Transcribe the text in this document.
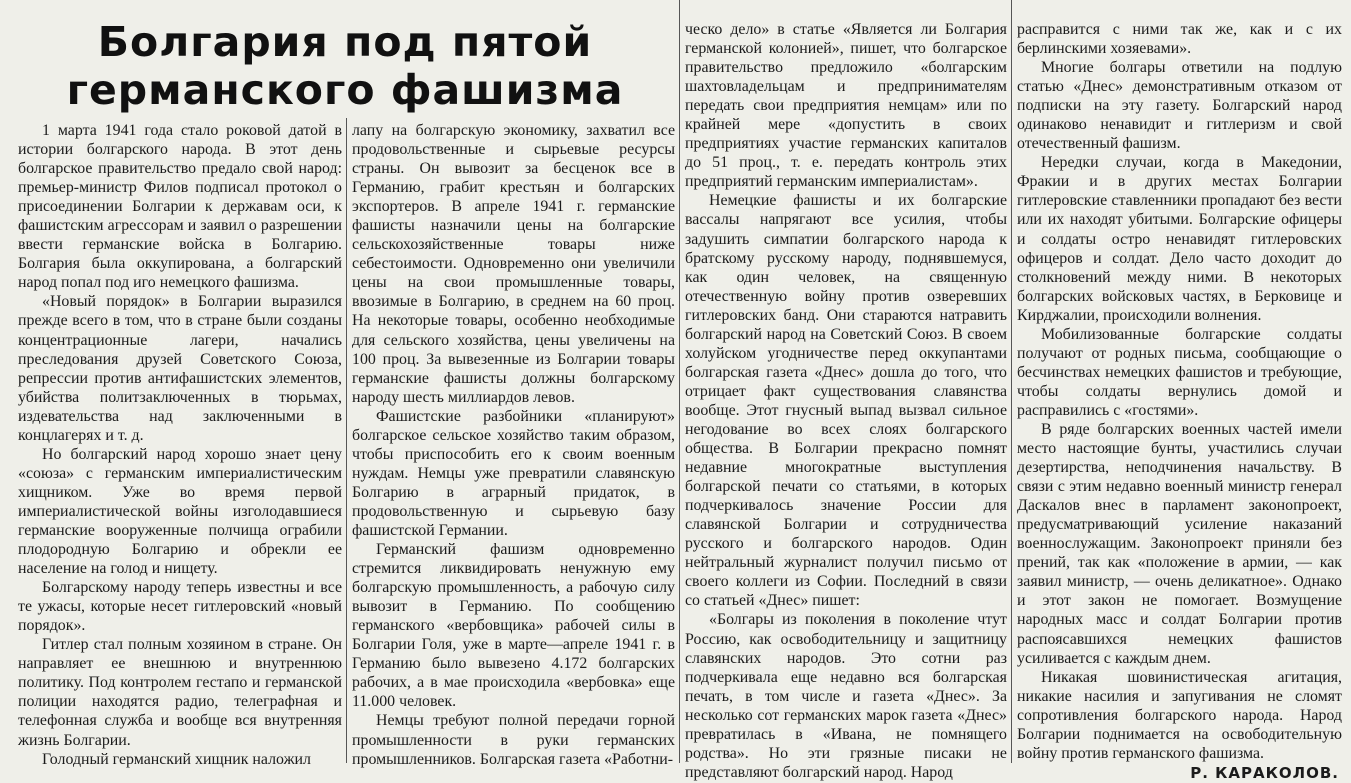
Болгария под пятой
германского фашизма

1 марта 1941 года стало роковой датой в истории болгарского народа. В этот день болгарское правительство предало свой народ: премьер-министр Филов подписал протокол о присоединении Болгарии к державам оси, к фашистским агрессорам и заявил о разрешении ввести германские войска в Болгарию. Болгария была оккупирована, а болгарский народ попал под иго немецкого фашизма.

«Новый порядок» в Болгарии выразился прежде всего в том, что в стране были созданы концентрационные лагери, начались преследования друзей Советского Союза, репрессии против антифашистских элементов, убийства политзаключенных в тюрьмах, издевательства над заключенными в концлагерях и т. д.

Но болгарский народ хорошо знает цену «союза» с германским империалистическим хищником. Уже во время первой империалистической войны изголодавшиеся германские вооруженные полчища ограбили плодородную Болгарию и обрекли ее население на голод и нищету.

Болгарскому народу теперь известны и все те ужасы, которые несет гитлеровский «новый порядок».

Гитлер стал полным хозяином в стране. Он направляет ее внешнюю и внутреннюю политику. Под контролем гестапо и германской полиции находятся радио, телеграфная и телефонная служба и вообще вся внутренняя жизнь Болгарии.

Голодный германский хищник наложил

лапу на болгарскую экономику, захватил все продовольственные и сырьевые ресурсы страны. Он вывозит за бесценок все в Германию, грабит крестьян и болгарских экспортеров. В апреле 1941 г. германские фашисты назначили цены на болгарские сельскохозяйственные товары ниже себестоимости. Одновременно они увеличили цены на свои промышленные товары, ввозимые в Болгарию, в среднем на 60 проц. На некоторые товары, особенно необходимые для сельского хозяйства, цены увеличены на 100 проц. За вывезенные из Болгарии товары германские фашисты должны болгарскому народу шесть миллиардов левов.

Фашистские разбойники «планируют» болгарское сельское хозяйство таким образом, чтобы приспособить его к своим военным нуждам. Немцы уже превратили славянскую Болгарию в аграрный придаток, в продовольственную и сырьевую базу фашистской Германии.

Германский фашизм одновременно стремится ликвидировать ненужную ему болгарскую промышленность, а рабочую силу вывозит в Германию. По сообщению германского «вербовщика» рабочей силы в Болгарии Голя, уже в марте—апреле 1941 г. в Германию было вывезено 4.172 болгарских рабочих, а в мае происходила «вербовка» еще 11.000 человек.

Немцы требуют полной передачи горной промышленности в руки германских промышленников. Болгарская газета «Работни-

ческо дело» в статье «Является ли Болгария германской колонией», пишет, что болгарское правительство предложило «болгарским шахтовладельцам и предпринимателям передать свои предприятия немцам» или по крайней мере «допустить в своих предприятиях участие германских капиталов до 51 проц., т. е. передать контроль этих предприятий германским империалистам».

Немецкие фашисты и их болгарские вассалы напрягают все усилия, чтобы задушить симпатии болгарского народа к братскому русскому народу, поднявшемуся, как один человек, на священную отечественную войну против озверевших гитлеровских банд. Они стараются натравить болгарский народ на Советский Союз. В своем холуйском угодничестве перед оккупантами болгарская газета «Днес» дошла до того, что отрицает факт существования славянства вообще. Этот гнусный выпад вызвал сильное негодование во всех слоях болгарского общества. В Болгарии прекрасно помнят недавние многократные выступления болгарской печати со статьями, в которых подчеркивалось значение России для славянской Болгарии и сотрудничества русского и болгарского народов. Один нейтральный журналист получил письмо от своего коллеги из Софии. Последний в связи со статьей «Днес» пишет:

«Болгары из поколения в поколение чтут Россию, как освободительницу и защитницу славянских народов. Это сотни раз подчеркивала еще недавно вся болгарская печать, в том числе и газета «Днес». За несколько сот германских марок газета «Днес» превратилась в «Ивана, не помнящего родства». Но эти грязные писаки не представляют болгарский народ. Народ

расправится с ними так же, как и с их берлинскими хозяевами».

Многие болгары ответили на подлую статью «Днес» демонстративным отказом от подписки на эту газету. Болгарский народ одинаково ненавидит и гитлеризм и свой отечественный фашизм.

Нередки случаи, когда в Македонии, Фракии и в других местах Болгарии гитлеровские ставленники пропадают без вести или их находят убитыми. Болгарские офицеры и солдаты остро ненавидят гитлеровских офицеров и солдат. Дело часто доходит до столкновений между ними. В некоторых болгарских войсковых частях, в Берковице и Кирджалии, происходили волнения.

Мобилизованные болгарские солдаты получают от родных письма, сообщающие о бесчинствах немецких фашистов и требующие, чтобы солдаты вернулись домой и расправились с «гостями».

В ряде болгарских военных частей имели место настоящие бунты, участились случаи дезертирства, неподчинения начальству. В связи с этим недавно военный министр генерал Даскалов внес в парламент законопроект, предусматривающий усиление наказаний военнослужащим. Законопроект приняли без прений, так как «положение в армии, — как заявил министр, — очень деликатное». Однако и этот закон не помогает. Возмущение народных масс и солдат Болгарии против распоясавшихся немецких фашистов усиливается с каждым днем.

Никакая шовинистическая агитация, никакие насилия и запугивания не сломят сопротивления болгарского народа. Народ Болгарии поднимается на освободительную войну против германского фашизма.

Р. КАРАКОЛОВ.
